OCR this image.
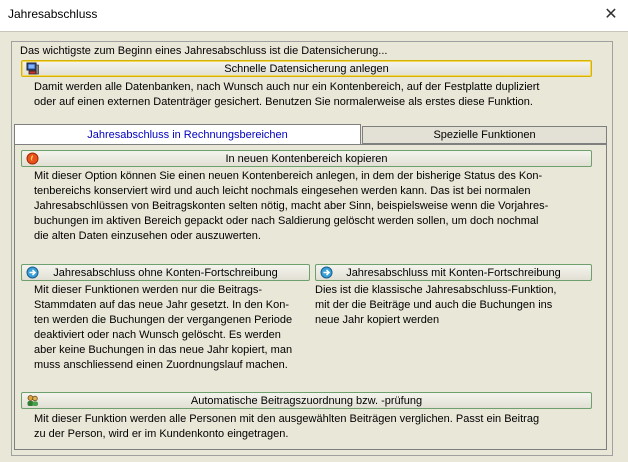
Jahresabschluss	✕
Das wichtigste zum Beginn eines Jahresabschluss ist die Datensicherung...
Schnelle Datensicherung anlegen
Damit werden alle Datenbanken, nach Wunsch auch nur ein Kontenbereich, auf der Festplatte dupliziert
oder auf einen externen Datenträger gesichert. Benutzen Sie normalerweise als erstes diese Funktion.
Jahresabschluss in Rechnungsbereichen	Spezielle Funktionen
In neuen Kontenbereich kopieren
Mit dieser Option können Sie einen neuen Kontenbereich anlegen, in dem der bisherige Status des Kon-
tenbereichs konserviert wird und auch leicht nochmals eingesehen werden kann. Das ist bei normalen
Jahresabschlüssen von Beitragskonten selten nötig, macht aber Sinn, beispielsweise wenn die Vorjahres-
buchungen im aktiven Bereich gepackt oder nach Saldierung gelöscht werden sollen, um doch nochmal
die alten Daten einzusehen oder auszuwerten.
Jahresabschluss ohne Konten-Fortschreibung
Mit dieser Funktionen werden nur die Beitrags-
Stammdaten auf das neue Jahr gesetzt. In den Kon-
ten werden die Buchungen der vergangenen Periode
deaktiviert oder nach Wunsch gelöscht. Es werden
aber keine Buchungen in das neue Jahr kopiert, man
muss anschliessend einen Zuordnungslauf machen.
Jahresabschluss mit Konten-Fortschreibung
Dies ist die klassische Jahresabschluss-Funktion,
mit der die Beiträge und auch die Buchungen ins
neue Jahr kopiert werden
Automatische Beitragszuordnung bzw. -prüfung
Mit dieser Funktion werden alle Personen mit den ausgewählten Beiträgen verglichen. Passt ein Beitrag
zu der Person, wird er im Kundenkonto eingetragen.
